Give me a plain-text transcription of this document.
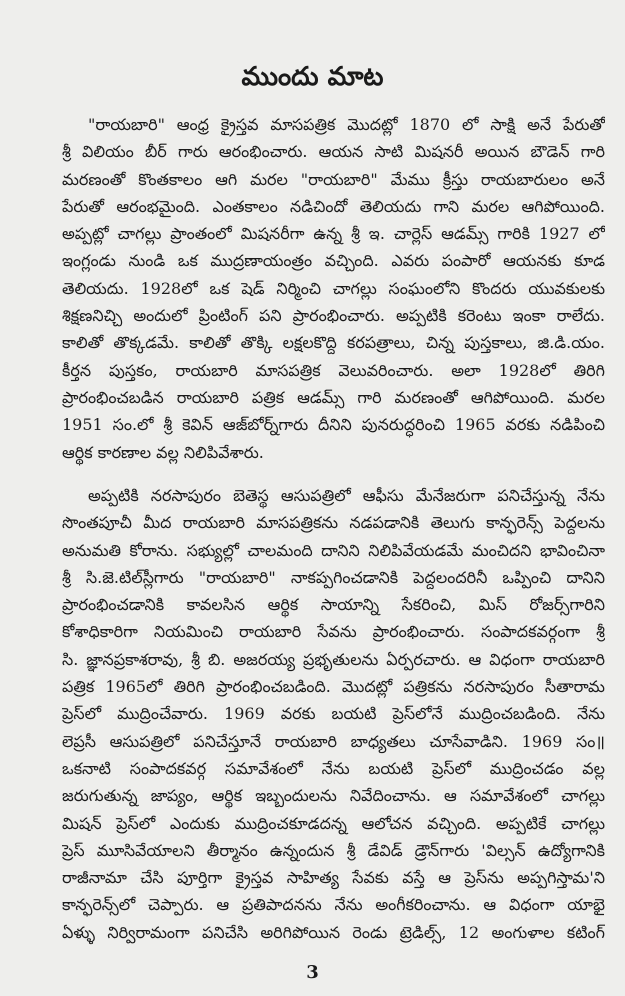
ముందు మాట
"రాయబారి" ఆంధ్ర క్రైస్తవ మాసపత్రిక మొదట్లో 1870 లో సాక్షి అనే పేరుతో
శ్రీ విలియం బీర్ గారు ఆరంభించారు. ఆయన సాటి మిషనరీ అయిన బౌడెన్ గారి
మరణంతో కొంతకాలం ఆగి మరల "రాయబారి" మేము క్రీస్తు రాయబారులం అనే
పేరుతో ఆరంభమైంది. ఎంతకాలం నడిచిందో తెలియదు గాని మరల ఆగిపోయింది.
అప్పట్లో చాగల్లు ప్రాంతంలో మిషనరీగా ఉన్న శ్రీ ఇ. చార్లెస్ ఆడమ్స్ గారికి 1927 లో
ఇంగ్లండు నుండి ఒక ముద్రణాయంత్రం వచ్చింది. ఎవరు పంపారో ఆయనకు కూడ
తెలియదు. 1928లో ఒక షెడ్ నిర్మించి చాగల్లు సంఘంలోని కొందరు యువకులకు
శిక్షణనిచ్చి అందులో ప్రింటింగ్ పని ప్రారంభించారు. అప్పటికి కరెంటు ఇంకా రాలేదు.
కాలితో తొక్కడమే. కాలితో తొక్కి లక్షలకొద్ది కరపత్రాలు, చిన్న పుస్తకాలు, జి.డి.యం.
కీర్తన పుస్తకం, రాయబారి మాసపత్రిక వెలువరించారు. అలా 1928లో తిరిగి
ప్రారంభించబడిన రాయబారి పత్రిక ఆడమ్స్ గారి మరణంతో ఆగిపోయింది. మరల
1951 సం.లో శ్రీ కెవిన్ ఆజ్‌బోర్న్‌గారు దీనిని పునరుద్ధరించి 1965 వరకు నడిపించి
ఆర్థిక కారణాల వల్ల నిలిపివేశారు.
అప్పటికి నరసాపురం బెతెస్థ ఆసుపత్రిలో ఆఫీసు మేనేజరుగా పనిచేస్తున్న నేను
సొంతపూచీ మీద రాయబారి మాసపత్రికను నడపడానికి తెలుగు కాన్ఫరెన్స్ పెద్దలను
అనుమతి కోరాను. సభ్యుల్లో చాలమంది దానిని నిలిపివేయడమే మంచిదని భావించినా
శ్రీ సి.జె.టిల్‌స్లీగారు "రాయబారి" నాకప్పగించడానికి పెద్దలందరినీ ఒప్పించి దానిని
ప్రారంభించడానికి కావలసిన ఆర్థిక సాయాన్ని సేకరించి, మిస్ రోజర్స్‌గారిని
కోశాధికారిగా నియమించి రాయబారి సేవను ప్రారంభించారు. సంపాదకవర్గంగా శ్రీ
సి. జ్ఞానప్రకాశరావు, శ్రీ బి. అజరయ్య ప్రభృతులను ఏర్పరచారు. ఆ విధంగా రాయబారి
పత్రిక 1965లో తిరిగి ప్రారంభించబడింది. మొదట్లో పత్రికను నరసాపురం సీతారామ
ప్రెస్‌లో ముద్రించేవారు. 1969 వరకు బయటి ప్రెస్‌లోనే ముద్రించబడింది. నేను
లెప్రసీ ఆసుపత్రిలో పనిచేస్తూనే రాయబారి బాధ్యతలు చూసేవాడిని. 1969 సం॥
ఒకనాటి సంపాదకవర్గ సమావేశంలో నేను బయటి ప్రెస్‌లో ముద్రించడం వల్ల
జరుగుతున్న జాప్యం, ఆర్థిక ఇబ్బందులను నివేదించాను. ఆ సమావేశంలో చాగల్లు
మిషన్ ప్రెస్‌లో ఎందుకు ముద్రించకూడదన్న ఆలోచన వచ్చింది. అప్పటికే చాగల్లు
ప్రెస్ మూసివేయాలని తీర్మానం ఉన్నందున శ్రీ డేవిడ్ డ్రౌన్‌గారు 'విల్సన్ ఉద్యోగానికి
రాజీనామా చేసి పూర్తిగా క్రైస్తవ సాహిత్య సేవకు వస్తే ఆ ప్రెస్‌ను అప్పగిస్తామ'ని
కాన్ఫరెన్స్‌లో చెప్పారు. ఆ ప్రతిపాదనను నేను అంగీకరించాను. ఆ విధంగా యాభై
ఏళ్ళు నిర్విరామంగా పనిచేసి అరిగిపోయిన రెండు ట్రెడిల్స్, 12 అంగుళాల కటింగ్
3
